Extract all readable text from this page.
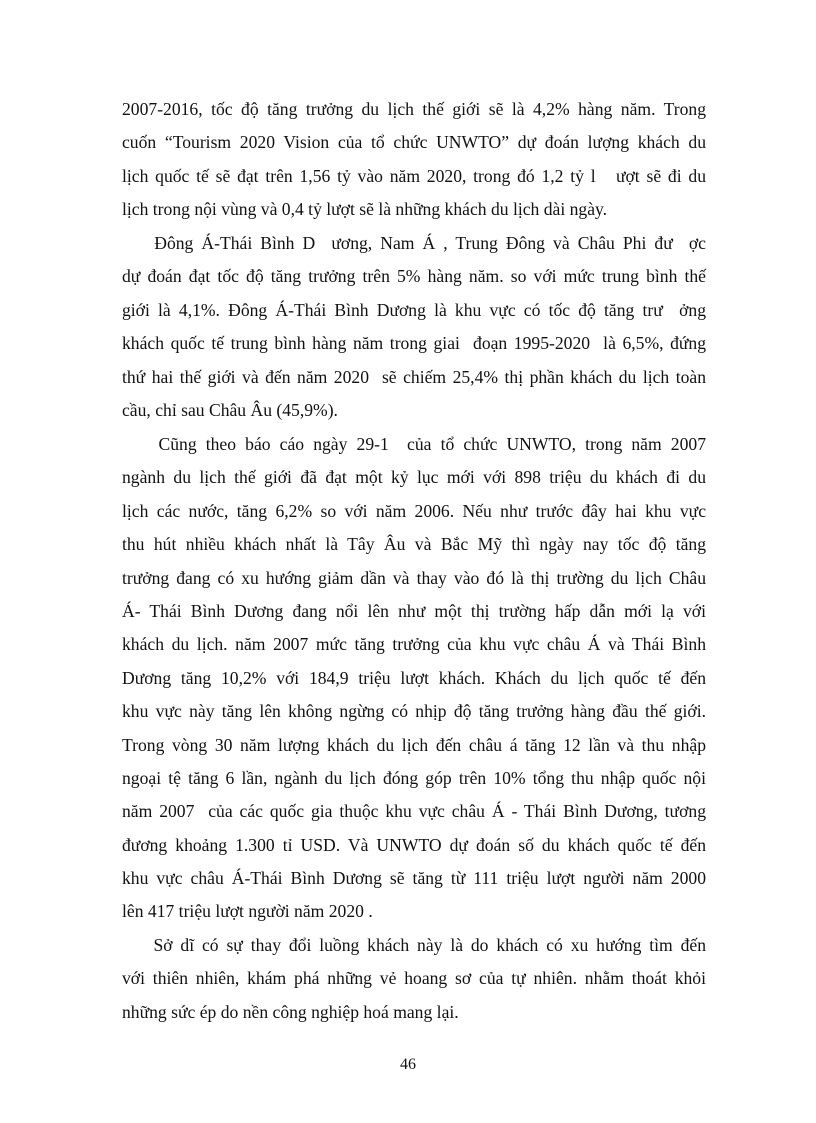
2007-2016, tốc độ tăng trưởng du lịch thế giới sẽ là 4,2% hàng năm. Trong
cuốn “Tourism 2020 Vision của tổ chức UNWTO” dự đoán lượng khách du
lịch quốc tế sẽ đạt trên 1,56 tỷ vào năm 2020, trong đó 1,2 tỷ l   ượt sẽ đi du
lịch trong nội vùng và 0,4 tỷ lượt sẽ là những khách du lịch dài ngày.
Đông Á-Thái Bình D  ương, Nam Á , Trung Đông và Châu Phi đư  ợc
dự đoán đạt tốc độ tăng trưởng trên 5% hàng năm. so với mức trung bình thế
giới là 4,1%. Đông Á-Thái Bình Dương là khu vực có tốc độ tăng trư  ởng
khách quốc tế trung bình hàng năm trong giai  đoạn 1995-2020  là 6,5%, đứng
thứ hai thế giới và đến năm 2020  sẽ chiếm 25,4% thị phần khách du lịch toàn
cầu, chỉ sau Châu Âu (45,9%).
Cũng theo báo cáo ngày 29-1  của tổ chức UNWTO, trong năm 2007
ngành du lịch thế giới đã đạt một kỷ lục mới với 898 triệu du khách đi du
lịch các nước, tăng 6,2% so với năm 2006. Nếu như trước đây hai khu vực
thu hút nhiều khách nhất là Tây Âu và Bắc Mỹ thì ngày nay tốc độ tăng
trưởng đang có xu hướng giảm dần và thay vào đó là thị trường du lịch Châu
Á- Thái Bình Dương đang nổi lên như một thị trường hấp dẫn mới lạ với
khách du lịch. năm 2007 mức tăng trưởng của khu vực châu Á và Thái Bình
Dương tăng 10,2% với 184,9 triệu lượt khách. Khách du lịch quốc tế đến
khu vực này tăng lên không ngừng có nhịp độ tăng trưởng hàng đầu thế giới.
Trong vòng 30 năm lượng khách du lịch đến châu á tăng 12 lần và thu nhập
ngoại tệ tăng 6 lần, ngành du lịch đóng góp trên 10% tổng thu nhập quốc nội
năm 2007  của các quốc gia thuộc khu vực châu Á - Thái Bình Dương, tương
đương khoảng 1.300 tỉ USD. Và UNWTO dự đoán số du khách quốc tế đến
khu vực châu Á-Thái Bình Dương sẽ tăng từ 111 triệu lượt người năm 2000
lên 417 triệu lượt người năm 2020 .
Sở dĩ có sự thay đổi luồng khách này là do khách có xu hướng tìm đến
với thiên nhiên, khám phá những vẻ hoang sơ của tự nhiên. nhằm thoát khỏi
những sức ép do nền công nghiệp hoá mang lại.
46
